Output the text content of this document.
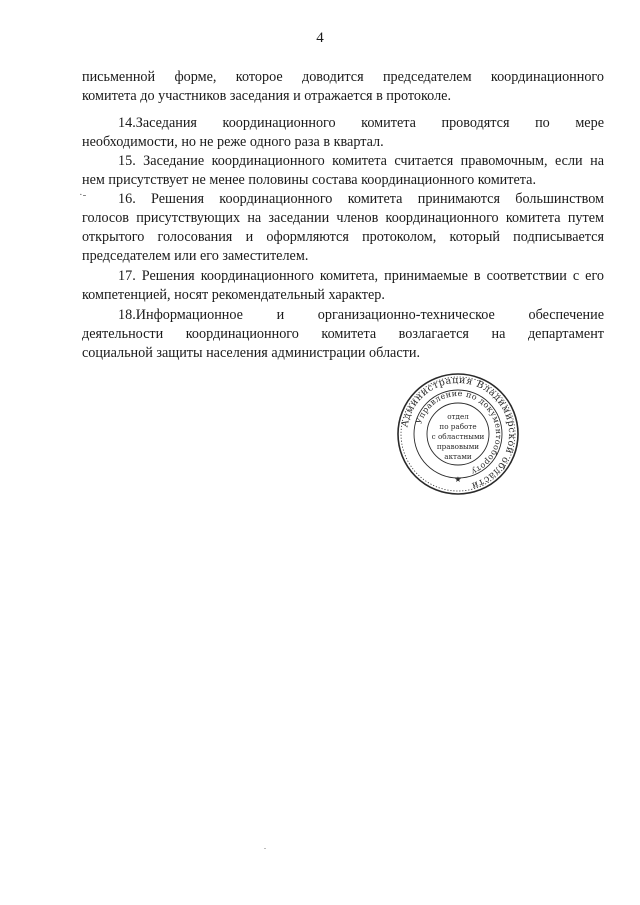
4
письменной форме, которое доводится председателем координационного
комитета до участников заседания и отражается в протоколе.
14.Заседания координационного комитета проводятся по мере
необходимости, но не реже одного раза в квартал.
15. Заседание координационного комитета считается правомочным, если на
нем присутствует не менее половины состава координационного комитета.
·-	16. Решения координационного комитета принимаются большинством
голосов присутствующих на заседании членов координационного комитета путем
открытого голосования и оформляются протоколом, который подписывается
председателем или его заместителем.
17. Решения координационного комитета, принимаемые в соответствии с его
компетенцией, носят рекомендательный характер.
18.Информационное и организационно-техническое обеспечение
деятельности координационного комитета возлагается на департамент
социальной защиты населения администрации области.
Администрация Владимирской области
Управление по документообороту
отдел
по работе
с областными
правовыми
актами
★
